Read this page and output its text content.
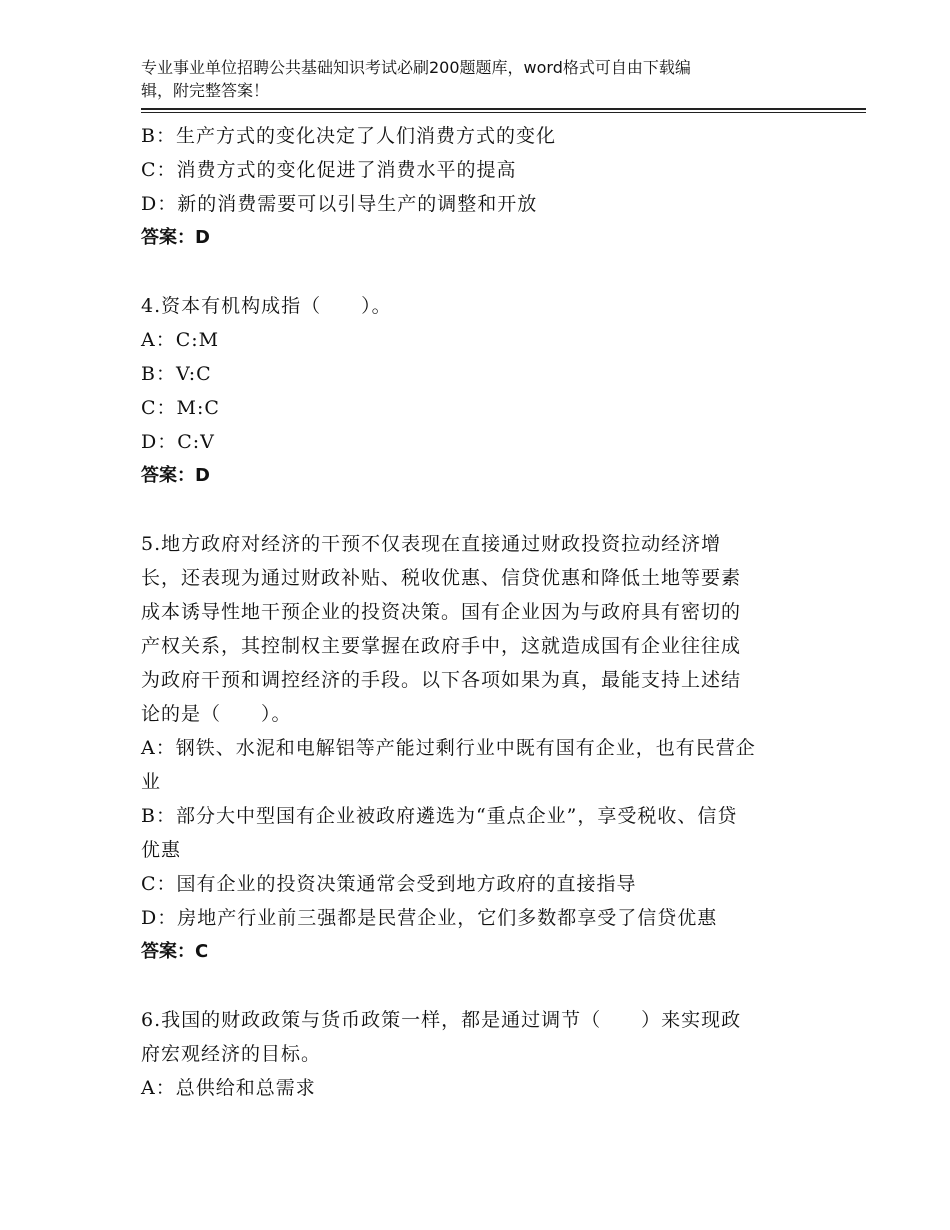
专业事业单位招聘公共基础知识考试必刷200题题库，word格式可自由下载编
辑，附完整答案！
B：生产方式的变化决定了人们消费方式的变化
C：消费方式的变化促进了消费水平的提高
D：新的消费需要可以引导生产的调整和开放
答案：D
4.资本有机构成指（　　）。
A：C:M
B：V:C
C：M:C
D：C:V
答案：D
5.地方政府对经济的干预不仅表现在直接通过财政投资拉动经济增
长，还表现为通过财政补贴、税收优惠、信贷优惠和降低土地等要素
成本诱导性地干预企业的投资决策。国有企业因为与政府具有密切的
产权关系，其控制权主要掌握在政府手中，这就造成国有企业往往成
为政府干预和调控经济的手段。以下各项如果为真，最能支持上述结
论的是（　　）。
A：钢铁、水泥和电解铝等产能过剩行业中既有国有企业，也有民营企
业
B：部分大中型国有企业被政府遴选为“重点企业”，享受税收、信贷
优惠
C：国有企业的投资决策通常会受到地方政府的直接指导
D：房地产行业前三强都是民营企业，它们多数都享受了信贷优惠
答案：C
6.我国的财政政策与货币政策一样，都是通过调节（　　）来实现政
府宏观经济的目标。
A：总供给和总需求
